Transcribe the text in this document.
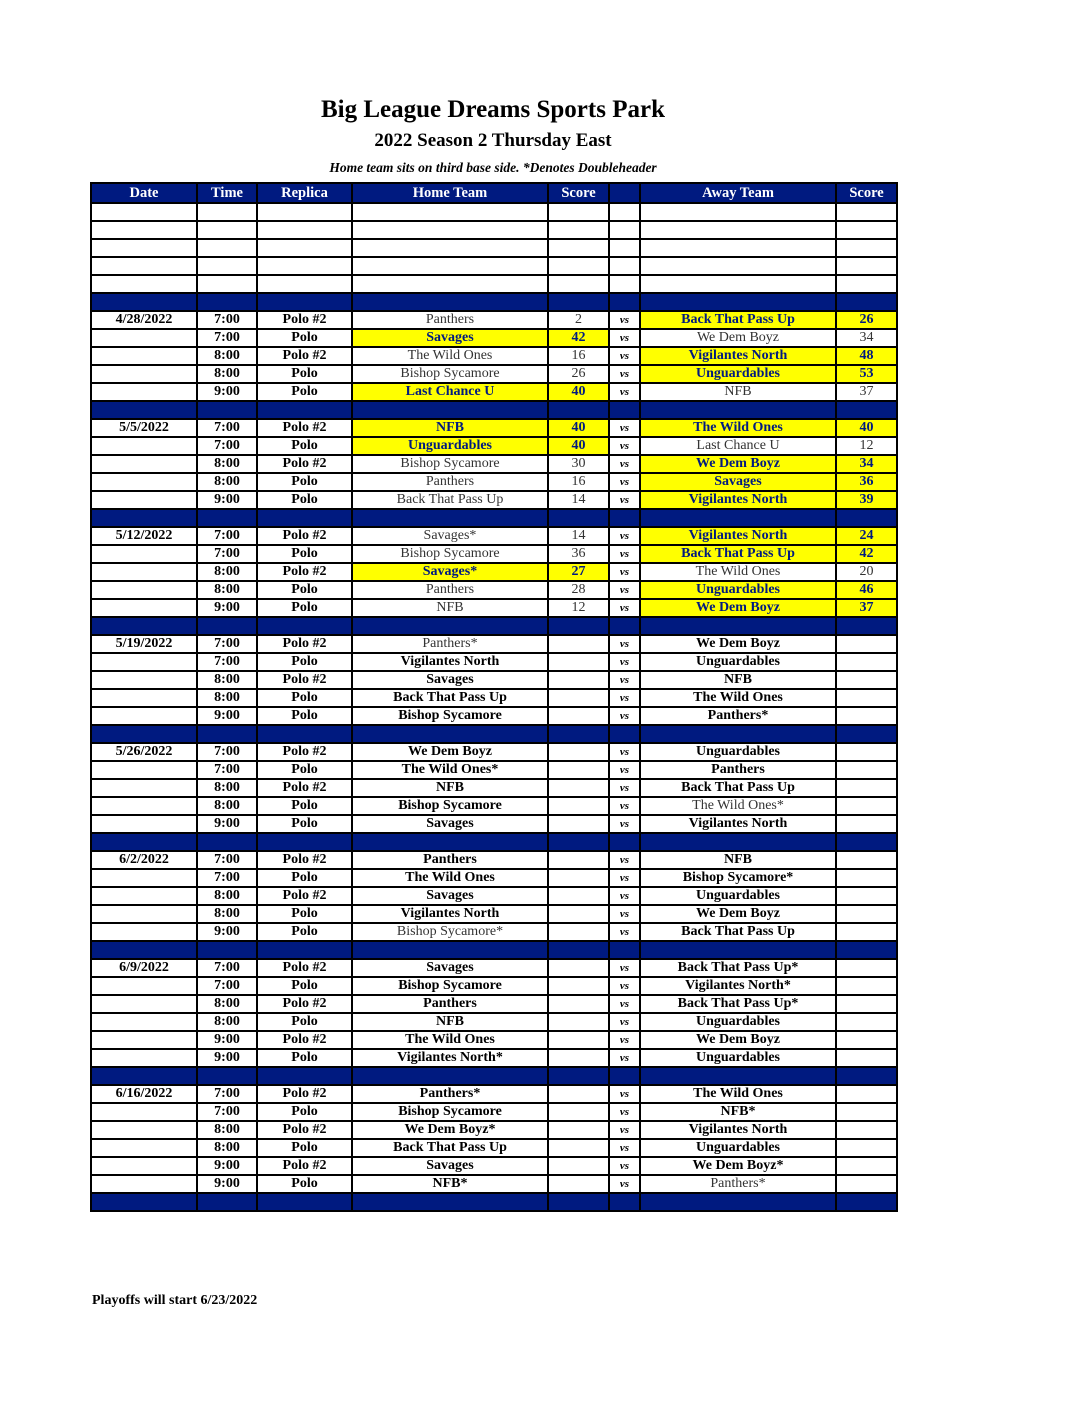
Big League Dreams Sports Park
2022 Season 2 Thursday East
Home team sits on third base side. *Denotes Doubleheader
Date	Time	Replica	Home Team	Score		Away Team	Score

4/28/2022	7:00	Polo #2	Panthers	2	vs	Back That Pass Up	26
	7:00	Polo	Savages	42	vs	We Dem Boyz	34
	8:00	Polo #2	The Wild Ones	16	vs	Vigilantes North	48
	8:00	Polo	Bishop Sycamore	26	vs	Unguardables	53
	9:00	Polo	Last Chance U	40	vs	NFB	37

5/5/2022	7:00	Polo #2	NFB	40	vs	The Wild Ones	40
	7:00	Polo	Unguardables	40	vs	Last Chance U	12
	8:00	Polo #2	Bishop Sycamore	30	vs	We Dem Boyz	34
	8:00	Polo	Panthers	16	vs	Savages	36
	9:00	Polo	Back That Pass Up	14	vs	Vigilantes North	39

5/12/2022	7:00	Polo #2	Savages*	14	vs	Vigilantes North	24
	7:00	Polo	Bishop Sycamore	36	vs	Back That Pass Up	42
	8:00	Polo #2	Savages*	27	vs	The Wild Ones	20
	8:00	Polo	Panthers	28	vs	Unguardables	46
	9:00	Polo	NFB	12	vs	We Dem Boyz	37

5/19/2022	7:00	Polo #2	Panthers*		vs	We Dem Boyz	
	7:00	Polo	Vigilantes North		vs	Unguardables	
	8:00	Polo #2	Savages		vs	NFB	
	8:00	Polo	Back That Pass Up		vs	The Wild Ones	
	9:00	Polo	Bishop Sycamore		vs	Panthers*	

5/26/2022	7:00	Polo #2	We Dem Boyz		vs	Unguardables	
	7:00	Polo	The Wild Ones*		vs	Panthers	
	8:00	Polo #2	NFB		vs	Back That Pass Up	
	8:00	Polo	Bishop Sycamore		vs	The Wild Ones*	
	9:00	Polo	Savages		vs	Vigilantes North	

6/2/2022	7:00	Polo #2	Panthers		vs	NFB	
	7:00	Polo	The Wild Ones		vs	Bishop Sycamore*	
	8:00	Polo #2	Savages		vs	Unguardables	
	8:00	Polo	Vigilantes North		vs	We Dem Boyz	
	9:00	Polo	Bishop Sycamore*		vs	Back That Pass Up	

6/9/2022	7:00	Polo #2	Savages		vs	Back That Pass Up*	
	7:00	Polo	Bishop Sycamore		vs	Vigilantes North*	
	8:00	Polo #2	Panthers		vs	Back That Pass Up*	
	8:00	Polo	NFB		vs	Unguardables	
	9:00	Polo #2	The Wild Ones		vs	We Dem Boyz	
	9:00	Polo	Vigilantes North*		vs	Unguardables	

6/16/2022	7:00	Polo #2	Panthers*		vs	The Wild Ones	
	7:00	Polo	Bishop Sycamore		vs	NFB*	
	8:00	Polo #2	We Dem Boyz*		vs	Vigilantes North	
	8:00	Polo	Back That Pass Up		vs	Unguardables	
	9:00	Polo #2	Savages		vs	We Dem Boyz*	
	9:00	Polo	NFB*		vs	Panthers*	

Playoffs will start 6/23/2022
